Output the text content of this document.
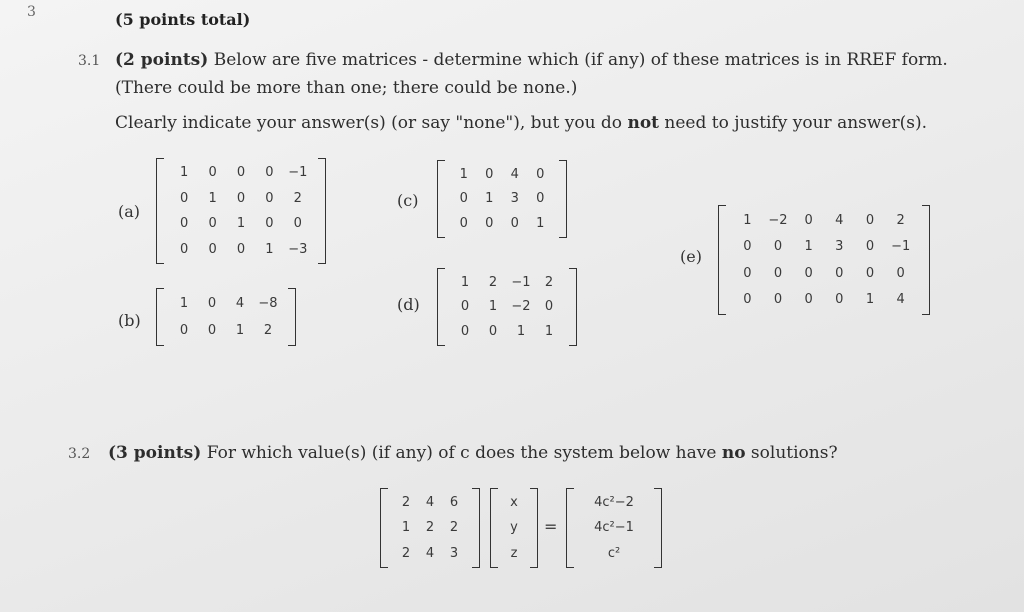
3	(5 points total)
3.1 (2 points) Below are five matrices - determine which (if any) of these matrices is in RREF form.
(There could be more than one; there could be none.)
Clearly indicate your answer(s) (or say "none"), but you do not need to justify your answer(s).
(a)
(b)
(c)
(d)
(e)
1	0	0	0	−1
0	1	0	0	2
0	0	1	0	0
0	0	0	1	−3
1	0	4	−8
0	0	1	2
1	0	4	0
0	1	3	0
0	0	0	1
1	2	−1	2
0	1	−2	0
0	0	1	1
1	−2	0	4	0	2
0	0	1	3	0	−1
0	0	0	0	0	0
0	0	0	0	1	4
3.2 (3 points) For which value(s) (if any) of c does the system below have no solutions?
2	4	6
1	2	2
2	4	3
x
y
z
=
4c²−2
4c²−1
c²
